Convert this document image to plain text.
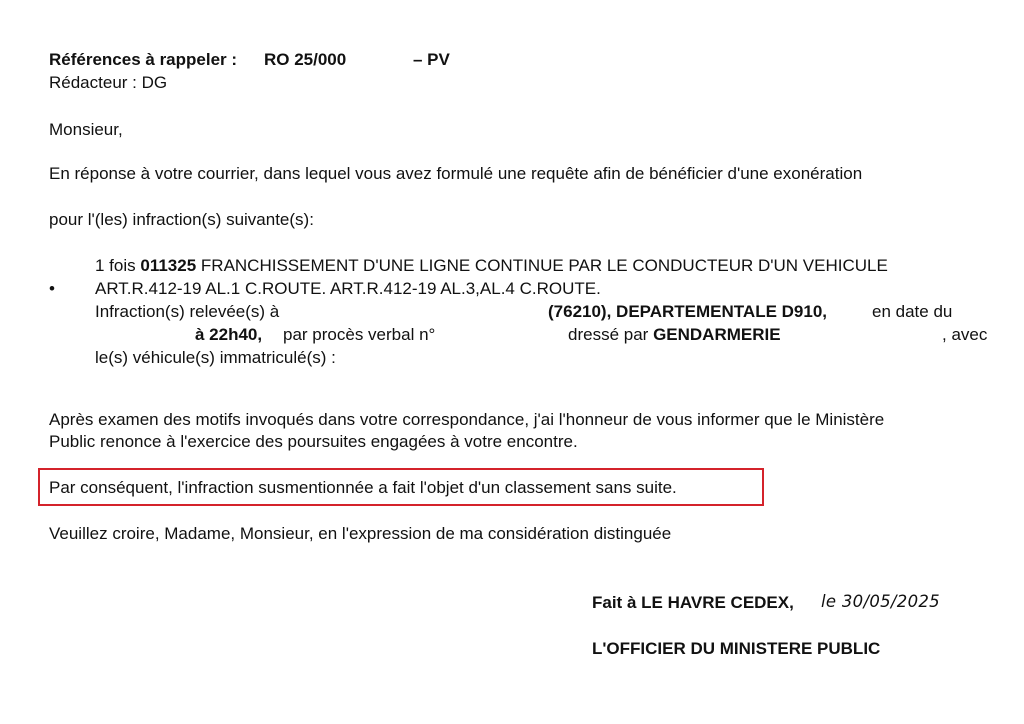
Références à rappeler : RO 25/000	– PV
Rédacteur : DG
Monsieur,
En réponse à votre courrier, dans lequel vous avez formulé une requête afin de bénéficier d'une exonération
pour l'(les) infraction(s) suivante(s):
1 fois 011325 FRANCHISSEMENT D'UNE LIGNE CONTINUE PAR LE CONDUCTEUR D'UN VEHICULE
• ART.R.412-19 AL.1 C.ROUTE. ART.R.412-19 AL.3,AL.4 C.ROUTE.
Infraction(s) relevée(s) à	(76210), DEPARTEMENTALE D910,	en date du
à 22h40, par procès verbal n°	dressé par GENDARMERIE	, avec
le(s) véhicule(s) immatriculé(s) :
Après examen des motifs invoqués dans votre correspondance, j'ai l'honneur de vous informer que le Ministère
Public renonce à l'exercice des poursuites engagées à votre encontre.
Par conséquent, l'infraction susmentionnée a fait l'objet d'un classement sans suite.
Veuillez croire, Madame, Monsieur, en l'expression de ma considération distinguée
Fait à LE HAVRE CEDEX, le 30/05/2025
L'OFFICIER DU MINISTERE PUBLIC
